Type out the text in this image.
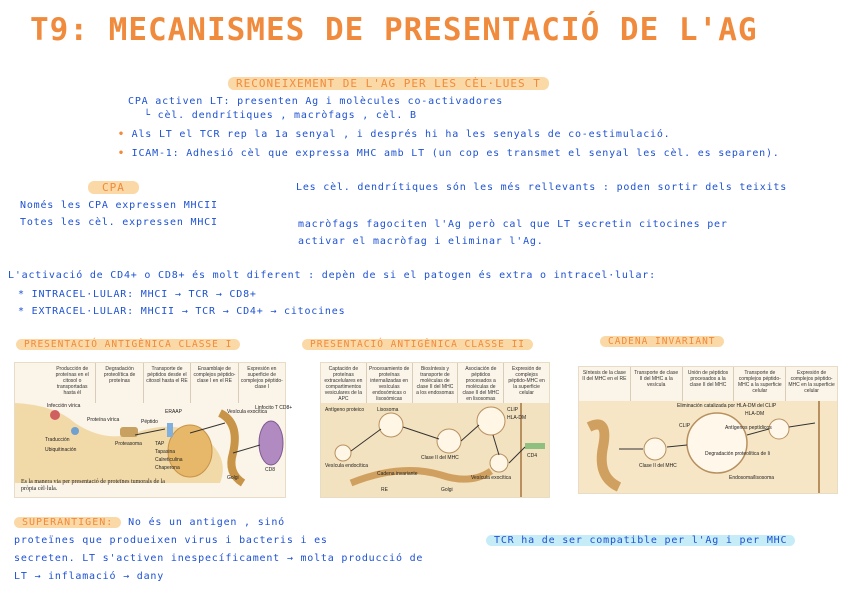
T9: MECANISMES DE PRESENTACIÓ DE L'AG
RECONEIXEMENT DE L'AG PER LES CÈL·LUES T
CPA activen LT: presenten Ag i molècules co-activadores
└ cèl. dendrítiques , macròfags , cèl. B
• Als LT el TCR rep la 1a senyal , i després hi ha les senyals de co-estimulació.
• ICAM-1: Adhesió cèl que expressa MHC amb LT (un cop es transmet el senyal les cèl. es separen).
CPA
Només les CPA expressen MHCII
Totes les cèl. expressen MHCI
Les cèl. dendrítiques són les més rellevants : poden sortir dels teixits
macròfags fagociten l'Ag però cal que LT secretin citocines per
activar el macròfag i eliminar l'Ag.
L'activació de CD4+ o CD8+ és molt diferent : depèn de si el patogen és extra o intracel·lular:
* INTRACEL·LULAR: MHCI → TCR → CD8+
* EXTRACEL·LULAR: MHCII → TCR → CD4+ → citocines
PRESENTACIÓ ANTIGÈNICA CLASSE I	PRESENTACIÓ ANTIGÈNICA CLASSE II	CADENA INVARIANT
Producción de proteínas en el citosol o transportadas hasta él
Degradación proteolítica de proteínas
Transporte de péptidos desde el citosol hasta el RE
Ensamblaje de complejos péptido-clase I en el RE
Expresión en superficie de complejos péptido-clase I
Infección vírica
Proteína vírica
Traducción
Ubiquitinación
Proteasoma
Péptido
ERAAP
TAP
Tapasina
Calreticulina
Chaperona
Golgi
Vesícula exocítica
Linfocito T CD8+
CD8
Es la manera via per presentació de proteïnes tumorals de la pròpia cèl·lula.
Captación de proteínas extracelulares en compartimentos vesiculares de la APC
Procesamiento de proteínas internalizadas en vesículas endosómicas o lisosómicas
Biosíntesis y transporte de moléculas de clase II del MHC a los endosomas
Asociación de péptidos procesados a moléculas de clase II del MHC en lisosomas
Expresión de complejos péptido-MHC en la superficie celular
Antígeno proteico	Lisosoma
Vesícula endocítica
Clase II del MHC
Cadena invariante
CLIP
HLA-DM
Vesícula exocítica
Golgi
RE
CD4
Síntesis de la clase II del MHC en el RE
Transporte de clase II del MHC a la vesícula
Unión de péptidos procesados a la clase II del MHC
Transporte de complejos péptido-MHC a la superficie celular
Expresión de complejos péptido-MHC en la superficie celular
Eliminación catalizada por HLA-DM del CLIP
HLA-DM
CLIP	Antígenos peptídicos
Degradación proteolítica de Ii
Clase II del MHC
Endosoma/lisosoma
SUPERANTIGEN: No és un antigen , sinó
proteïnes que produeixen virus i bacteris i es
secreten. LT s'activen inespecíficament → molta producció de
LT → inflamació → dany
TCR ha de ser compatible per l'Ag i per MHC
